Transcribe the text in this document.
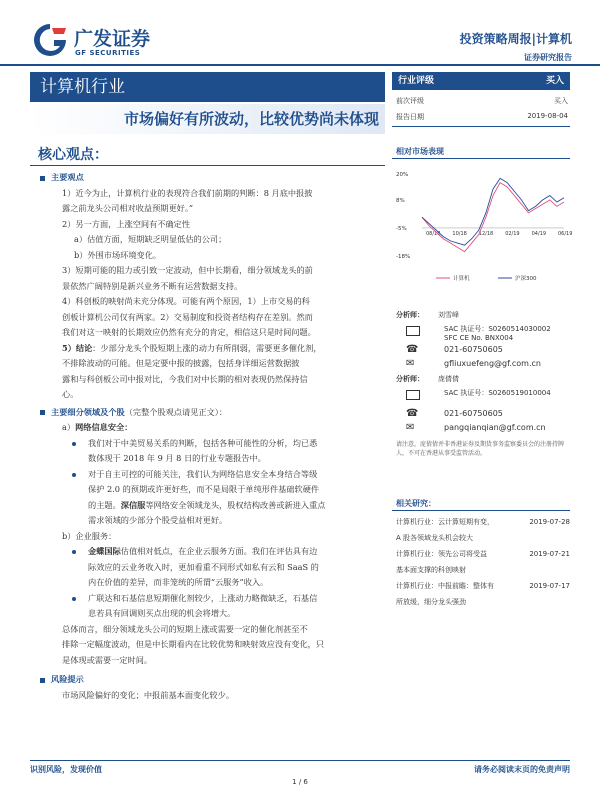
广发证券
GF SECURITIES
投资策略周报|计算机
证券研究报告
计算机行业
市场偏好有所波动，比较优势尚未体现
核心观点：
主要观点
1）近今为止，计算机行业的表现符合我们前期的判断：8 月底中报披
露之前龙头公司相对收益预期更好。”
2）另一方面，上涨空间有不确定性
a）估值方面，短期缺乏明显低估的公司；
b）外围市场环境变化。
3）短期可能的阻力或引致一定波动，但中长期看，细分领域龙头的前
景依然广阔特别是新兴业务不断有运营数据支持。
4）科创板的映射尚未充分体现。可能有两个原因，1）上市交易的科
创板计算机公司仅有两家。2）交易制度和投资者结构存在差别。然而
我们对这一映射的长期效应仍然有充分的肯定，相信这只是时间问题。
5）结论：少部分龙头个股短期上涨的动力有所削弱，需要更多催化剂，
不排除波动的可能。但是定要中报的披露，包括身详细运营数据披
露和与科创板公司中报对比，今我们对中长期的相对表现仍然保持信
心。
主要细分领域及个股（完整个股观点请见正文）：
a）网络信息安全：
我们对于中美贸易关系的判断，包括各种可能性的分析，均已悉
数体现于 2018 年 9 月 8 日的行业专题报告中。
对于自主可控的可能关注，我们认为网络信息安全本身结合等级
保护 2.0 的预期或许更好些，而不是局限于单纯形件基础软硬件
的主题。深信服等网络安全领域龙头，股权结构改善或新进入重点
需求领域的少部分个股受益相对更好。
b）企业服务：
金蝶国际估值相对低点，在企业云服务方面。我们在评估具有边
际效应的云业务收入时，更加看重不同形式如私有云和 SaaS 的
内在价值的差异，而非笼统的所谓“云服务”收入。
广联达和石基信息短期催化剂较少，上涨动力略微缺乏，石基信
息若具有回调则买点出现的机会将增大。
总体而言，细分领域龙头公司的短期上涨或需要一定的催化剂甚至不
排除一定幅度波动，但是中长期看内在比较优势和映射效应没有变化，只
是体现或需要一定时间。
风险提示
市场风险偏好的变化；中报前基本面变化较少。
行业评级	买入
前次评级	买入
报告日期	2019-08-04
相对市场表现
-18%
-5%
8%
20%
08/18 10/18 12/18 02/19 04/19 06/19
计算机	沪深300
分析师： 刘雪峰
SAC 执证号：S0260514030002
SFC CE No. BNX004
☎	021-60750605
✉	gfliuxuefeng@gf.com.cn
分析师： 庞倩倩
SAC 执证号：S0260519010004
☎	021-60750605
✉	pangqianqian@gf.com.cn
请注意，庞倩倩并非香港证券及期货事务监察委员会的注册持牌人，不可在香港从事受监管活动。
相关研究：
计算机行业：云计算短期有变，	2019-07-28
A 股各领域龙头机会较大
计算机行业：领先公司将受益	2019-07-21
基本面支撑的科创映射
计算机行业：中报前瞻：整体有	2019-07-17
所放缓，细分龙头强劲
识别风险，发现价值
1 / 6
请务必阅读末页的免责声明
